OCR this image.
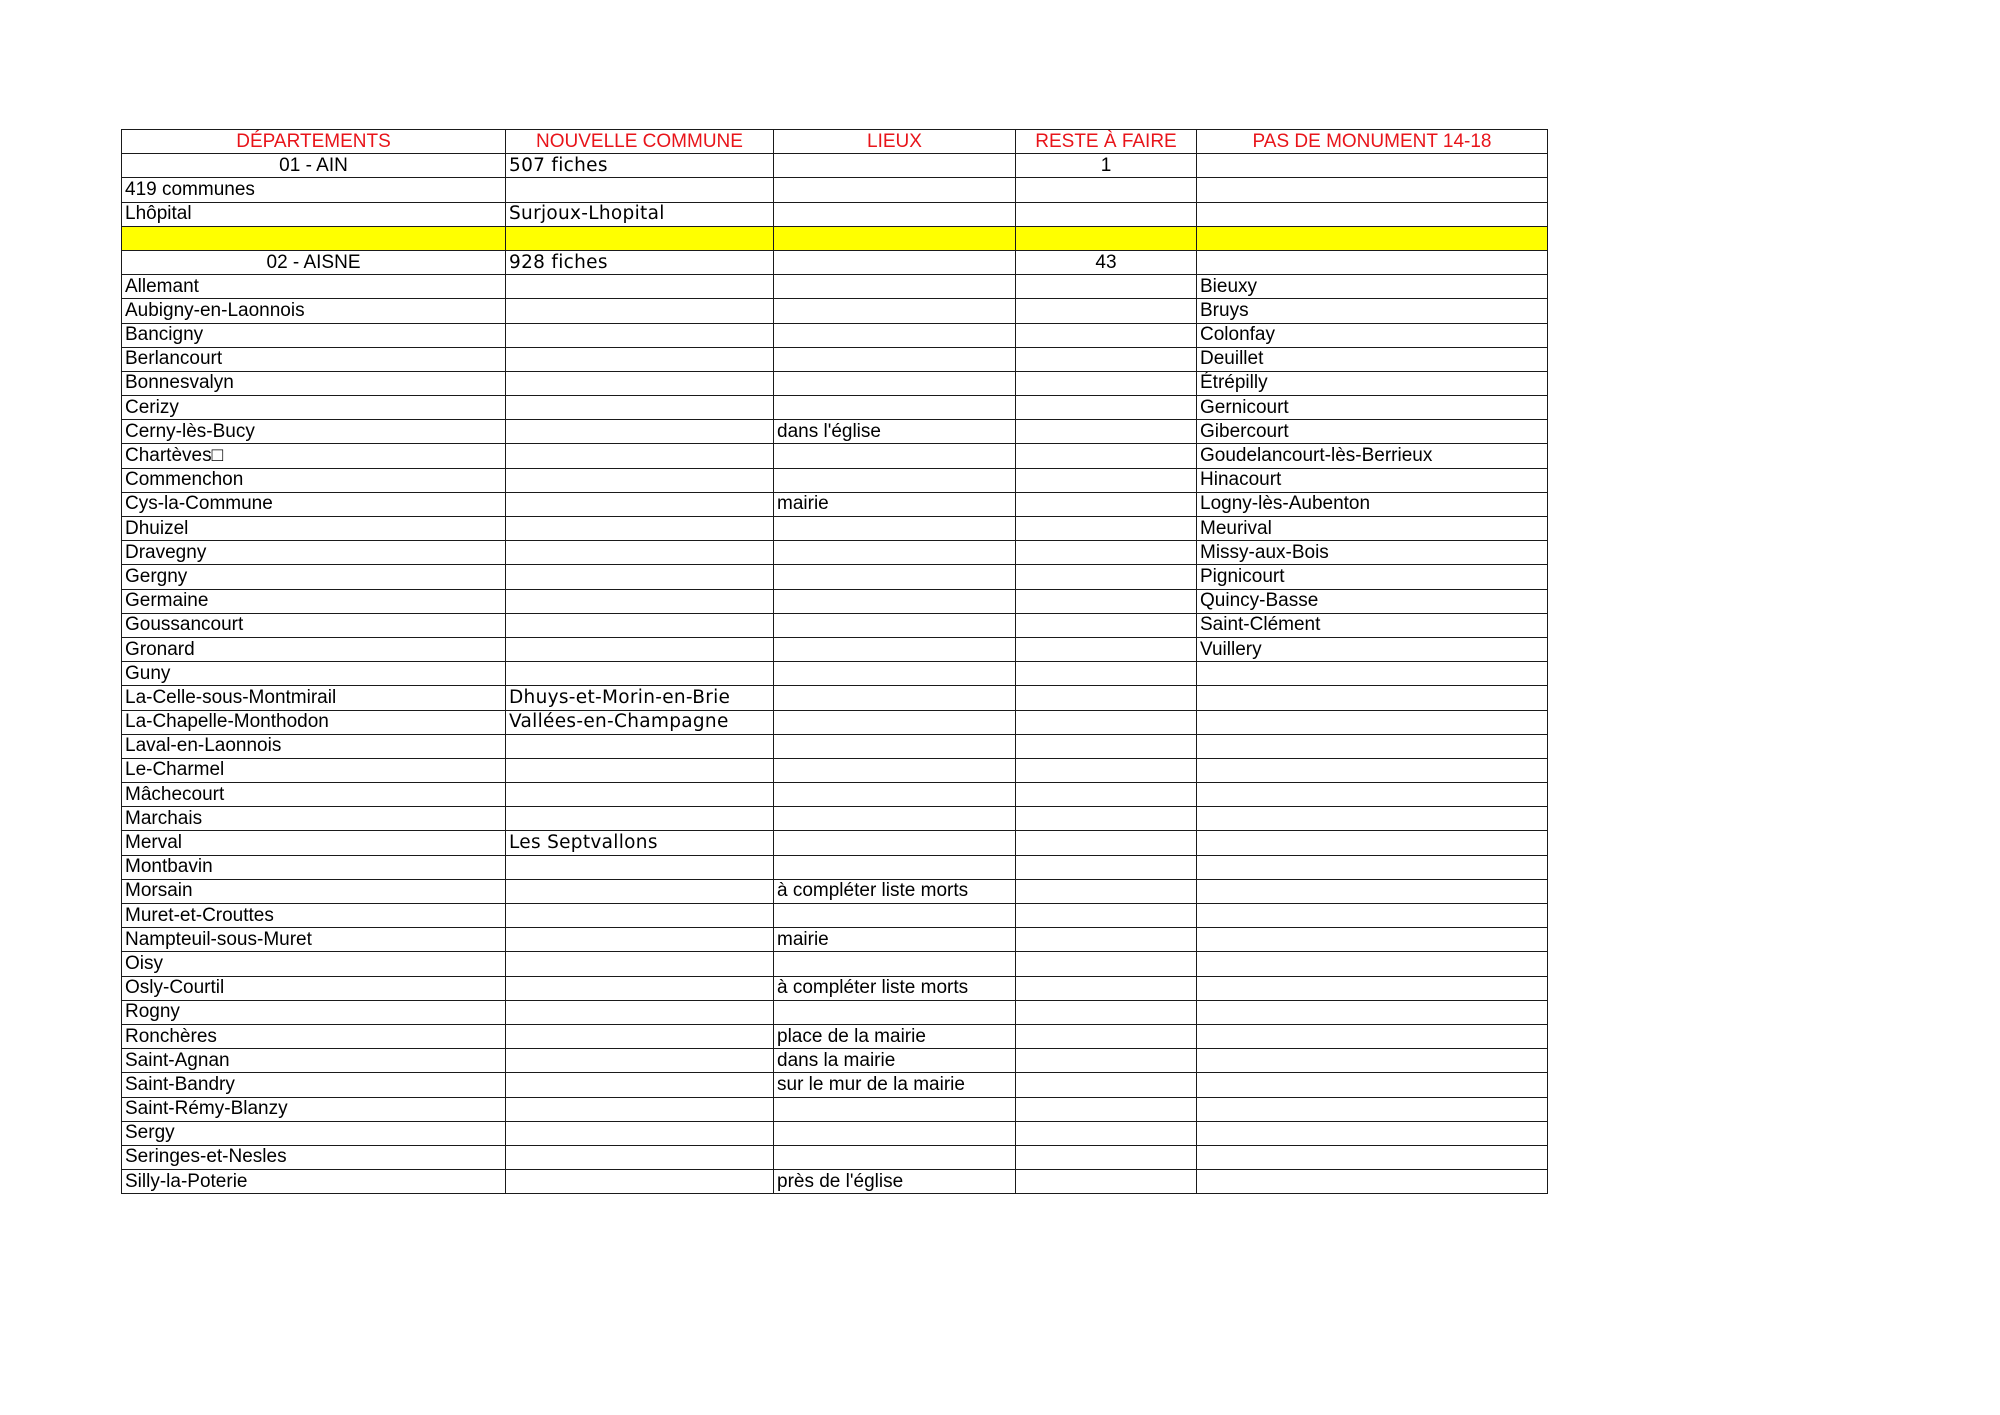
DÉPARTEMENTS	NOUVELLE COMMUNE	LIEUX	RESTE À FAIRE	PAS DE MONUMENT 14-18
01 - AIN	507 fiches		1	
419 communes				
Lhôpital	Surjoux-Lhopital			

02 - AISNE	928 fiches		43	
Allemant				Bieuxy
Aubigny-en-Laonnois				Bruys
Bancigny				Colonfay
Berlancourt				Deuillet
Bonnesvalyn				Étrépilly
Cerizy				Gernicourt
Cerny-lès-Bucy		dans l'église		Gibercourt
Chartèves□				Goudelancourt-lès-Berrieux
Commenchon				Hinacourt
Cys-la-Commune		mairie		Logny-lès-Aubenton
Dhuizel				Meurival
Dravegny				Missy-aux-Bois
Gergny				Pignicourt
Germaine				Quincy-Basse
Goussancourt				Saint-Clément
Gronard				Vuillery
Guny				
La-Celle-sous-Montmirail	Dhuys-et-Morin-en-Brie			
La-Chapelle-Monthodon	Vallées-en-Champagne			
Laval-en-Laonnois				
Le-Charmel				
Mâchecourt				
Marchais				
Merval	Les Septvallons			
Montbavin				
Morsain		à compléter liste morts		
Muret-et-Crouttes				
Nampteuil-sous-Muret		mairie		
Oisy				
Osly-Courtil		à compléter liste morts		
Rogny				
Ronchères		place de la mairie		
Saint-Agnan		dans la mairie		
Saint-Bandry		sur le mur de la mairie		
Saint-Rémy-Blanzy				
Sergy				
Seringes-et-Nesles				
Silly-la-Poterie		près de l'église		
